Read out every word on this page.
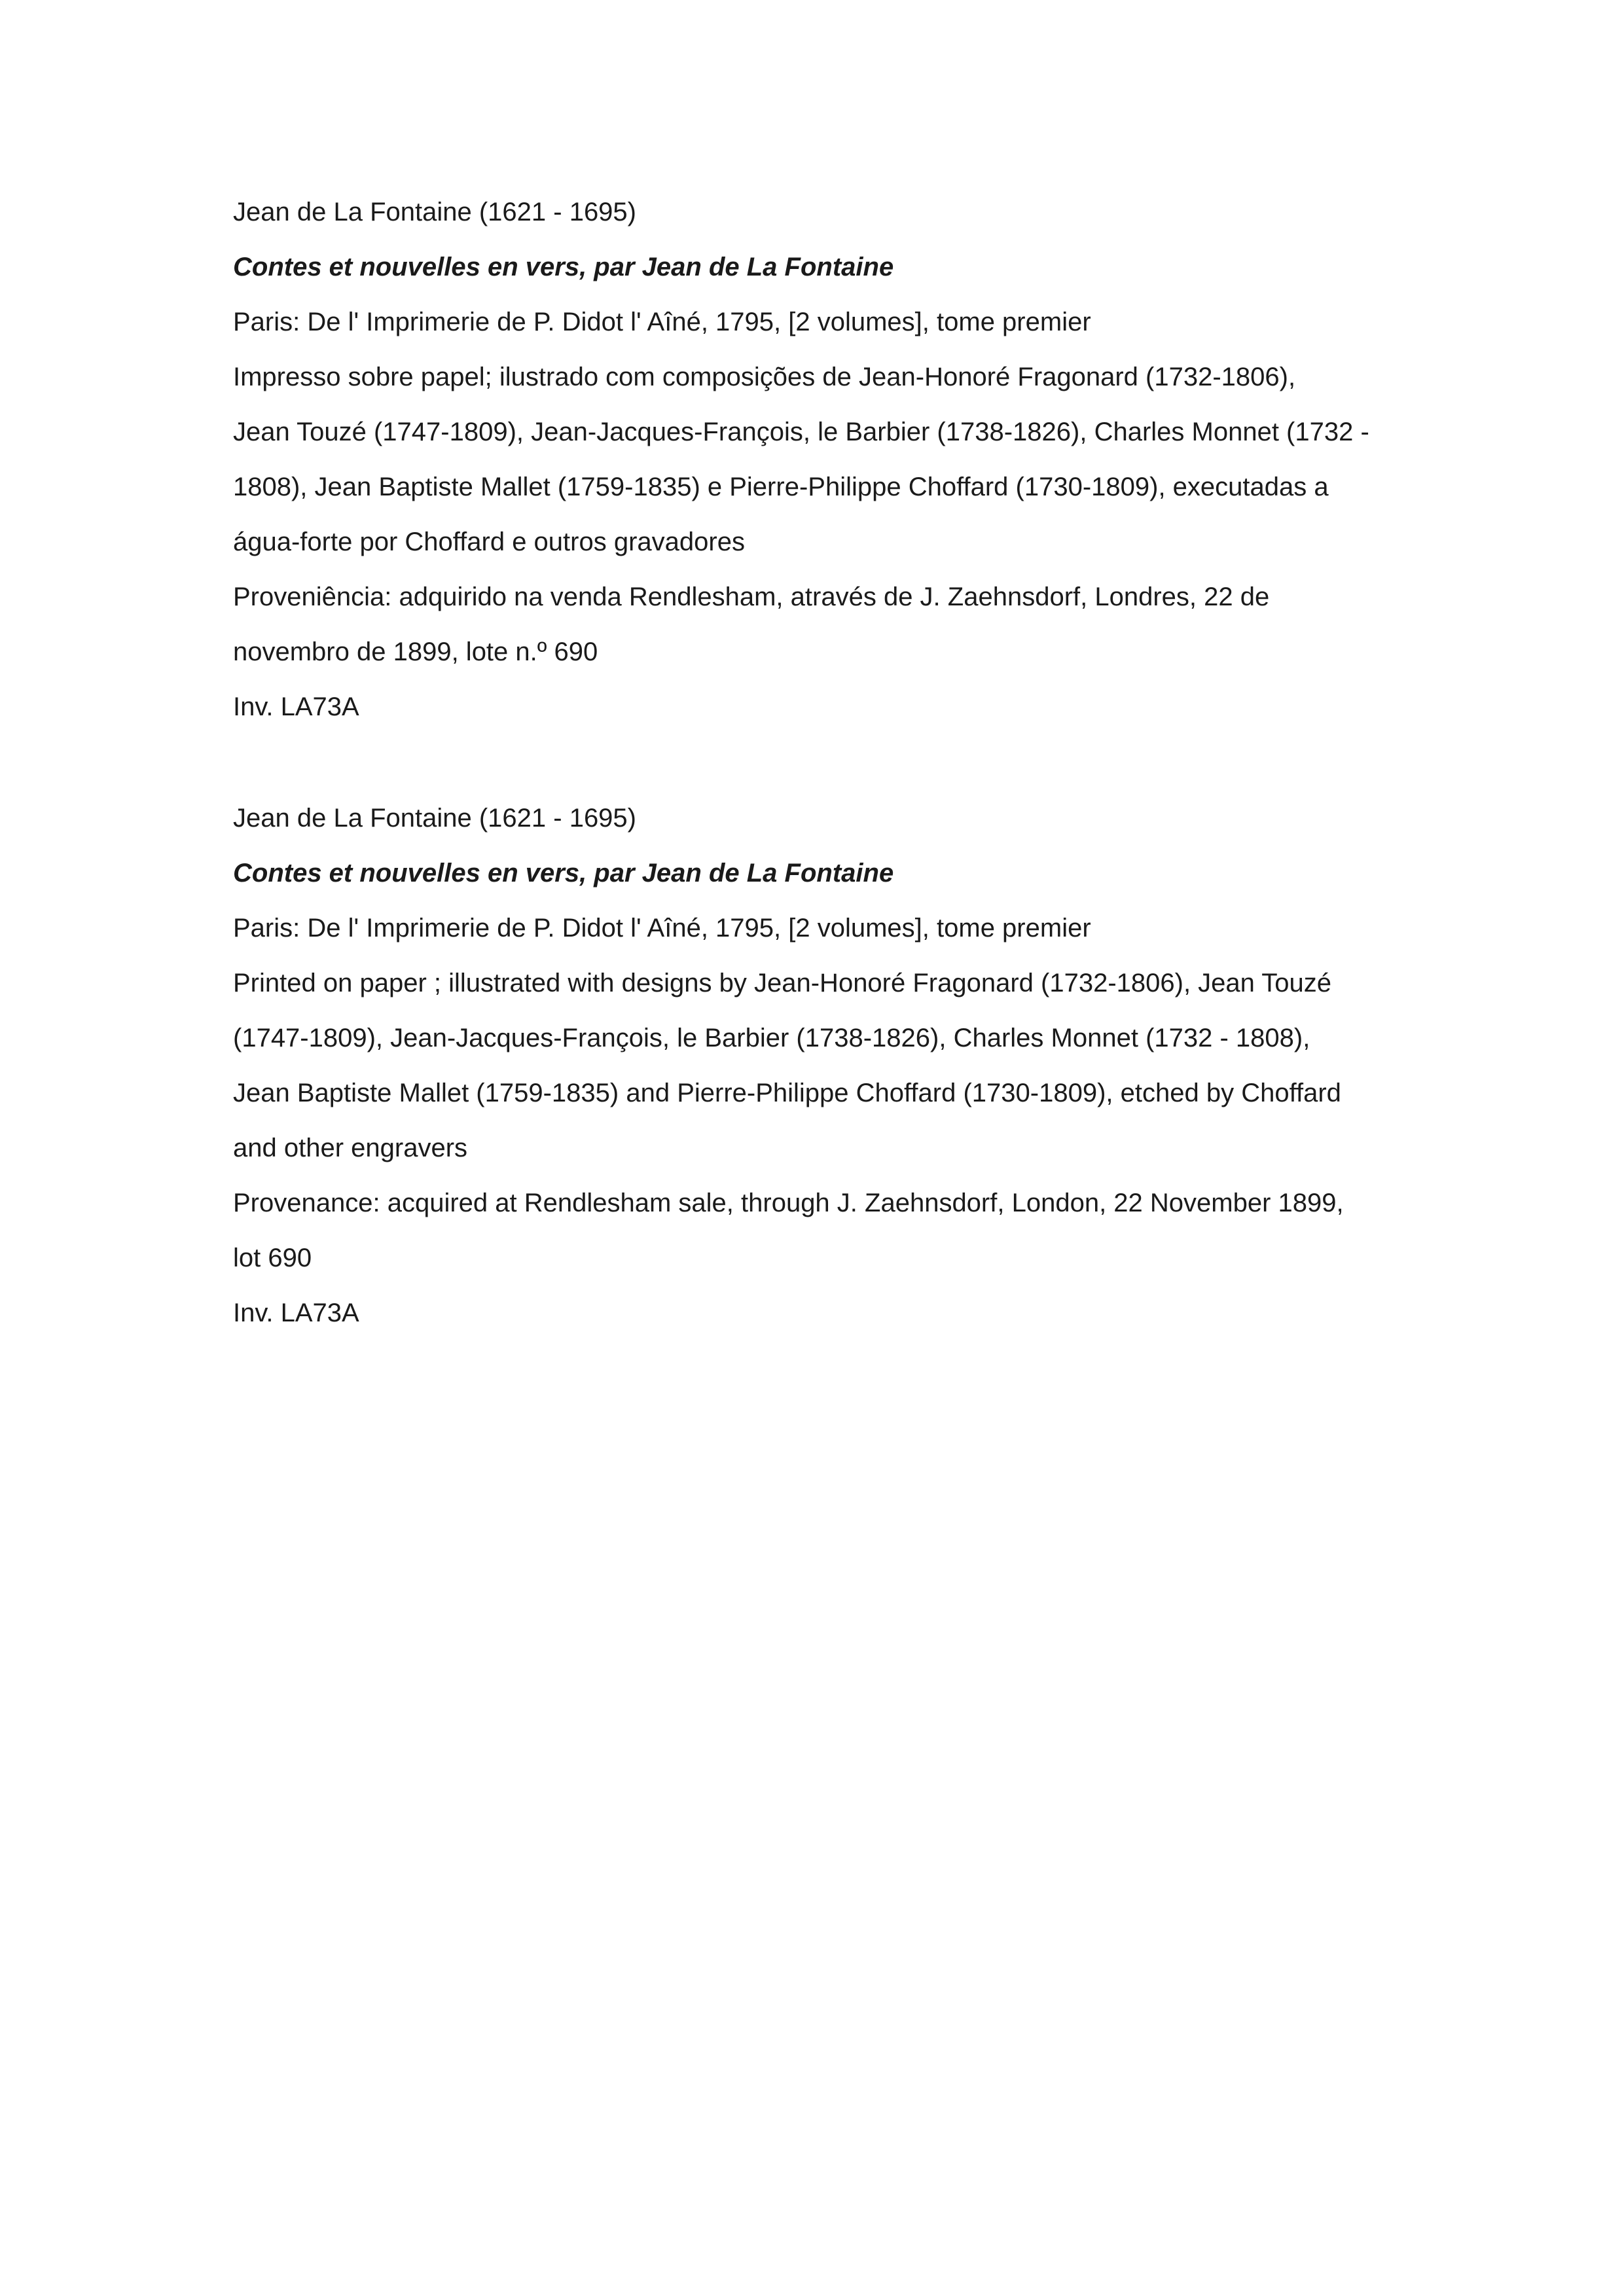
Jean de La Fontaine (1621 - 1695)

Contes et nouvelles en vers, par Jean de La Fontaine

Paris: De l' Imprimerie de P. Didot l' Aîné, 1795, [2 volumes], tome premier

Impresso sobre papel; ilustrado com composições de Jean-Honoré Fragonard (1732-1806),

Jean Touzé (1747-1809), Jean-Jacques-François, le Barbier (1738-1826), Charles Monnet (1732 -

1808), Jean Baptiste Mallet (1759-1835) e Pierre-Philippe Choffard (1730-1809), executadas a

água-forte por Choffard e outros gravadores

Proveniência: adquirido na venda Rendlesham, através de J. Zaehnsdorf, Londres, 22 de

novembro de 1899, lote n.º 690

Inv. LA73A

Jean de La Fontaine (1621 - 1695)

Contes et nouvelles en vers, par Jean de La Fontaine

Paris: De l' Imprimerie de P. Didot l' Aîné, 1795, [2 volumes], tome premier

Printed on paper ; illustrated with designs by Jean-Honoré Fragonard (1732-1806), Jean Touzé

(1747-1809), Jean-Jacques-François, le Barbier (1738-1826), Charles Monnet (1732 - 1808),

Jean Baptiste Mallet (1759-1835) and Pierre-Philippe Choffard (1730-1809), etched by Choffard

and other engravers

Provenance: acquired at Rendlesham sale, through J. Zaehnsdorf, London, 22 November 1899,

lot 690

Inv. LA73A
